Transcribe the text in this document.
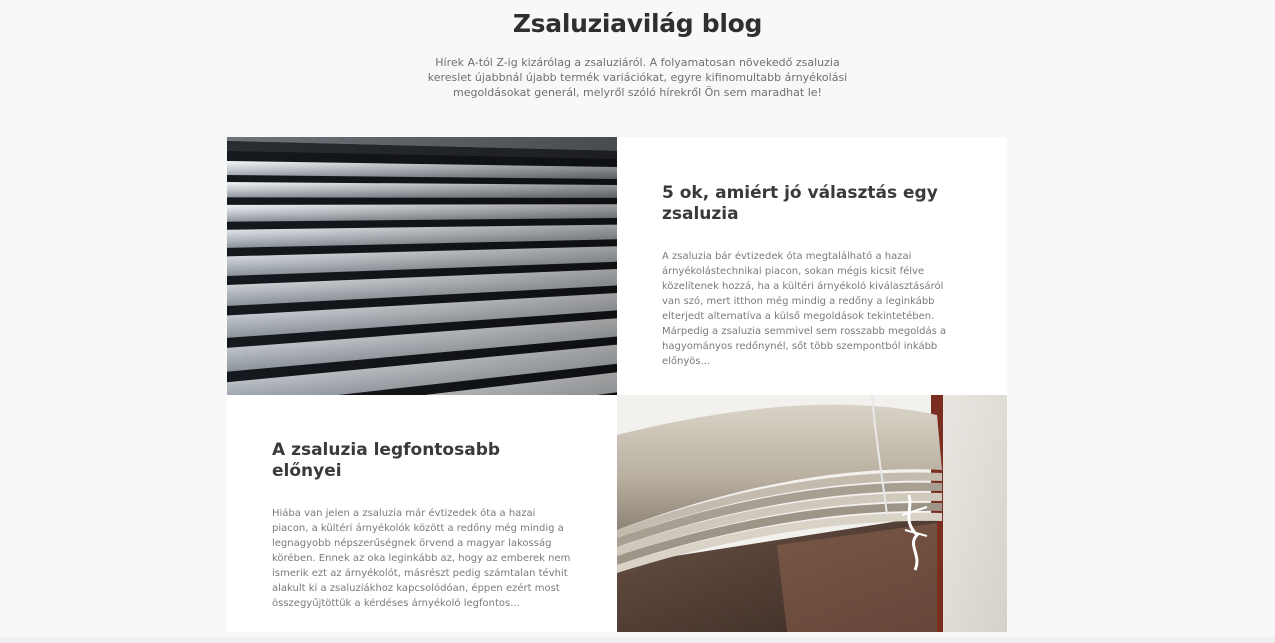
Zsaluziavilág blog

Hírek A-tól Z-ig kizárólag a zsaluziáról. A folyamatosan növekedő zsaluzia kereslet újabbnál újabb termék variációkat, egyre kifinomultabb árnyékolási megoldásokat generál, melyről szóló hírekről Ön sem maradhat le!

5 ok, amiért jó választás egy zsaluzia

A zsaluzia bár évtizedek óta megtalálható a hazai árnyékolástechnikai piacon, sokan mégis kicsit félve közelítenek hozzá, ha a kültéri árnyékoló kiválasztásáról van szó, mert itthon még mindig a redőny a leginkább elterjedt alternatíva a külső megoldások tekintetében. Márpedig a zsaluzia semmivel sem rosszabb megoldás a hagyományos redőnynél, sőt több szempontból inkább előnyös...

A zsaluzia legfontosabb előnyei

Hiába van jelen a zsaluzia már évtizedek óta a hazai piacon, a kültéri árnyékolók között a redőny még mindig a legnagyobb népszerűségnek örvend a magyar lakosság körében. Ennek az oka leginkább az, hogy az emberek nem ismerik ezt az árnyékolót, másrészt pedig számtalan tévhit alakult ki a zsaluziákhoz kapcsolódóan, éppen ezért most összegyűjtöttük a kérdéses árnyékoló legfontos...
